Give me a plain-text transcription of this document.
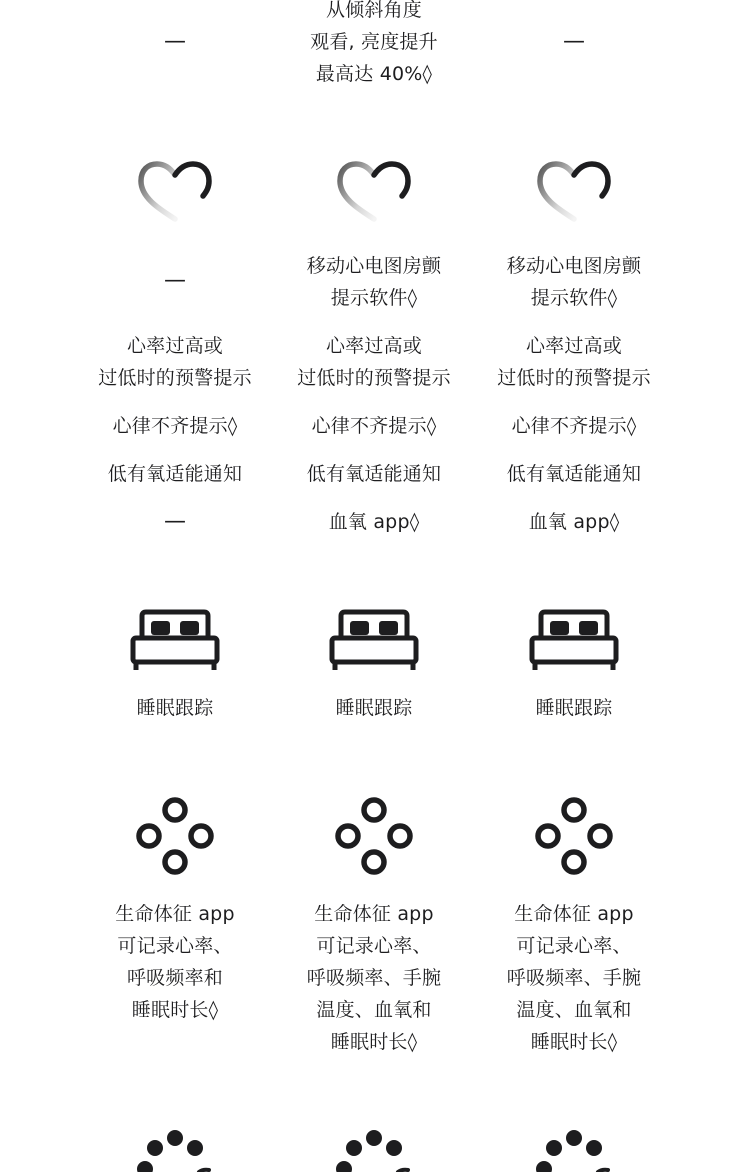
—
—
心率过高或
过低时的预警提示
心律不齐提示◊
低有氧适能通知
—
睡眠跟踪
生命体征 app
可记录心率、
呼吸频率和
睡眠时长◊
从倾斜角度
观看, 亮度提升
最高达 40%◊
移动心电图房颤
提示软件◊
心率过高或
过低时的预警提示
心律不齐提示◊
低有氧适能通知
血氧 app◊
睡眠跟踪
生命体征 app
可记录心率、
呼吸频率、手腕
温度、血氧和
睡眠时长◊
—
移动心电图房颤
提示软件◊
心率过高或
过低时的预警提示
心律不齐提示◊
低有氧适能通知
血氧 app◊
睡眠跟踪
生命体征 app
可记录心率、
呼吸频率、手腕
温度、血氧和
睡眠时长◊
